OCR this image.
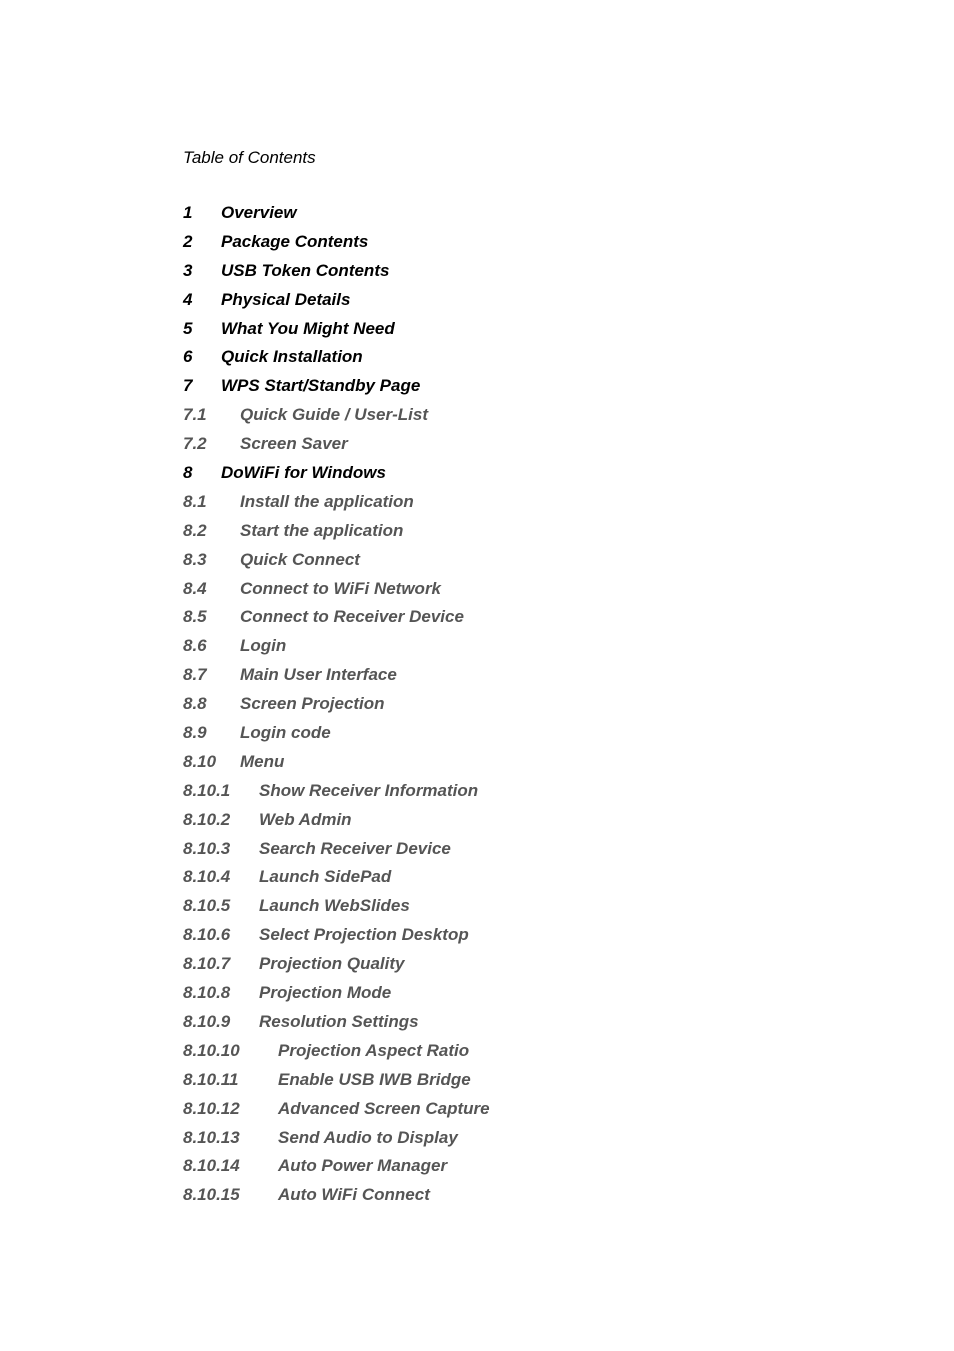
Table of Contents
1 Overview
2 Package Contents
3 USB Token Contents
4 Physical Details
5 What You Might Need
6 Quick Installation
7 WPS Start/Standby Page
7.1 Quick Guide / User-List
7.2 Screen Saver
8 DoWiFi for Windows
8.1 Install the application
8.2 Start the application
8.3 Quick Connect
8.4 Connect to WiFi Network
8.5 Connect to Receiver Device
8.6 Login
8.7 Main User Interface
8.8 Screen Projection
8.9 Login code
8.10 Menu
8.10.1 Show Receiver Information
8.10.2 Web Admin
8.10.3 Search Receiver Device
8.10.4 Launch SidePad
8.10.5 Launch WebSlides
8.10.6 Select Projection Desktop
8.10.7 Projection Quality
8.10.8 Projection Mode
8.10.9 Resolution Settings
8.10.10 Projection Aspect Ratio
8.10.11 Enable USB IWB Bridge
8.10.12 Advanced Screen Capture
8.10.13 Send Audio to Display
8.10.14 Auto Power Manager
8.10.15 Auto WiFi Connect
